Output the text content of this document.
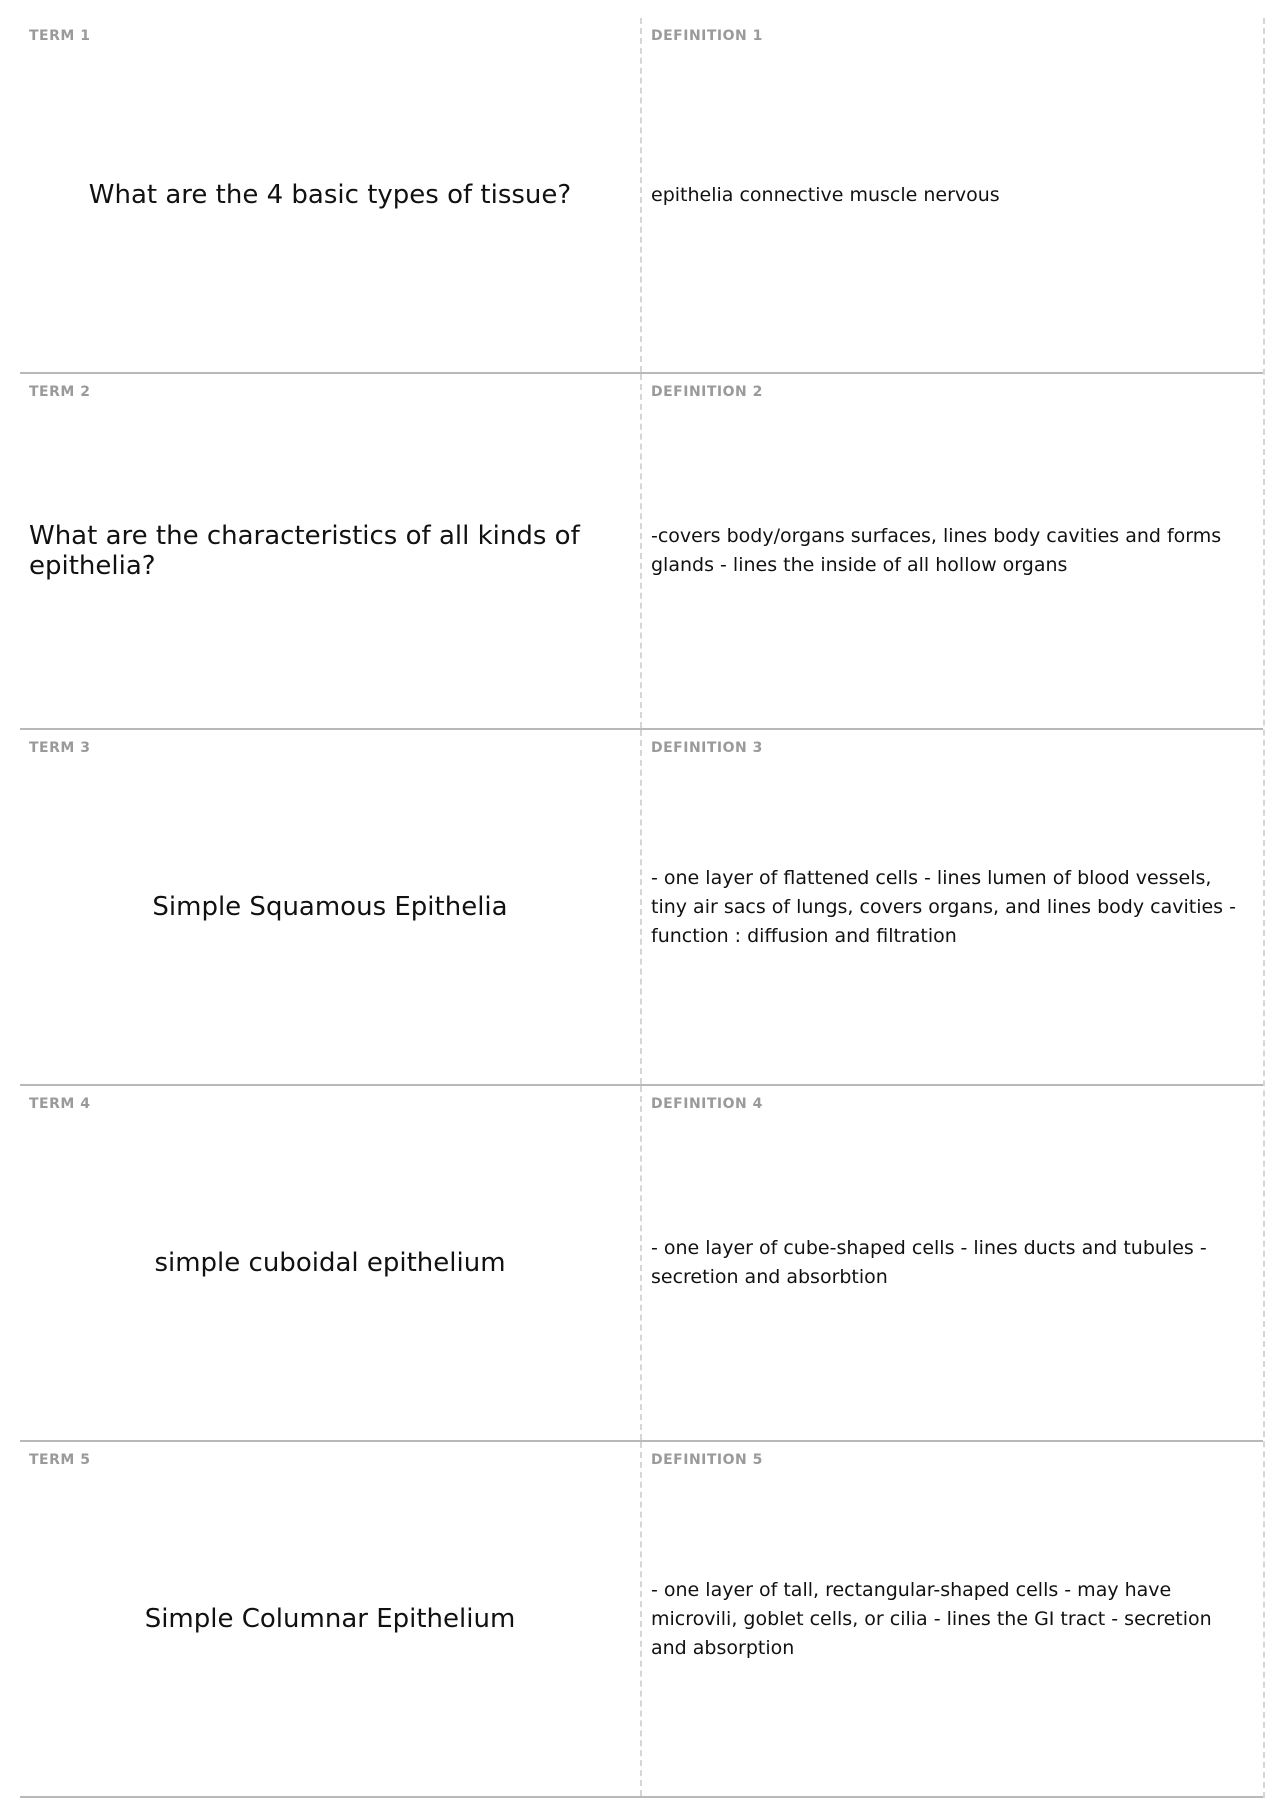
TERM 1
What are the 4 basic types of tissue?
DEFINITION 1
epithelia connective muscle nervous
TERM 2
What are the characteristics of all kinds of epithelia?
DEFINITION 2
-covers body/organs surfaces, lines body cavities and forms glands - lines the inside of all hollow organs
TERM 3
Simple Squamous Epithelia
DEFINITION 3
- one layer of flattened cells - lines lumen of blood vessels, tiny air sacs of lungs, covers organs, and lines body cavities - function : diffusion and filtration
TERM 4
simple cuboidal epithelium
DEFINITION 4
- one layer of cube-shaped cells - lines ducts and tubules - secretion and absorbtion
TERM 5
Simple Columnar Epithelium
DEFINITION 5
- one layer of tall, rectangular-shaped cells - may have microvili, goblet cells, or cilia - lines the GI tract - secretion and absorption
